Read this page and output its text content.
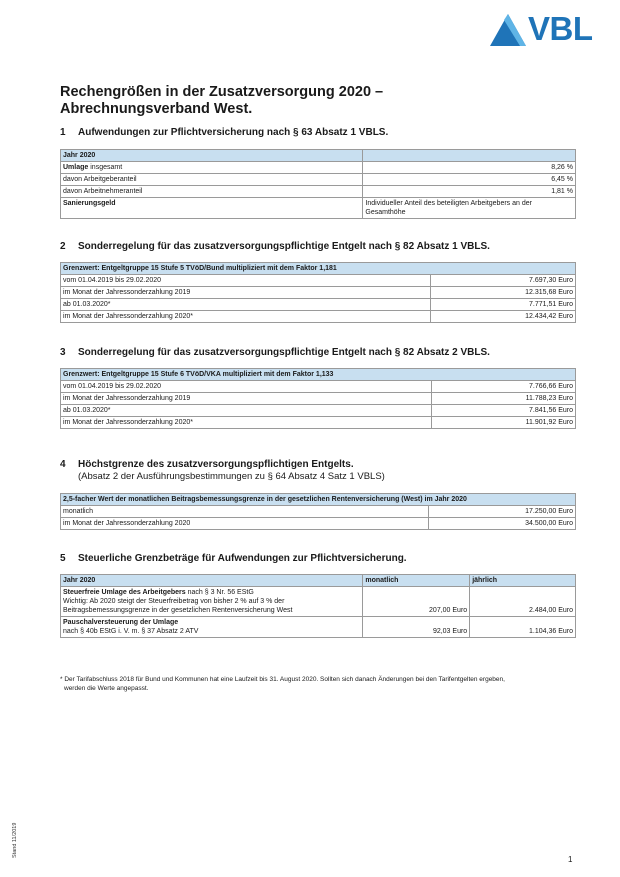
VBL
Rechengrößen in der Zusatzversorgung 2020 –
Abrechnungsverband West.
1 Aufwendungen zur Pflichtversicherung nach § 63 Absatz 1 VBLS.
Jahr 2020	
Umlage insgesamt	8,26 %
davon Arbeitgeberanteil	6,45 %
davon Arbeitnehmeranteil	1,81 %
Sanierungsgeld	Individueller Anteil des beteiligten Arbeitgebers an der Gesamthöhe
2 Sonderregelung für das zusatzversorgungspflichtige Entgelt nach § 82 Absatz 1 VBLS.
Grenzwert: Entgeltgruppe 15 Stufe 5 TVöD/Bund multipliziert mit dem Faktor 1,181	
vom 01.04.2019 bis 29.02.2020	7.697,30 Euro
im Monat der Jahressonderzahlung 2019	12.315,68 Euro
ab 01.03.2020*	7.771,51 Euro
im Monat der Jahressonderzahlung 2020*	12.434,42 Euro
3 Sonderregelung für das zusatzversorgungspflichtige Entgelt nach § 82 Absatz 2 VBLS.
Grenzwert: Entgeltgruppe 15 Stufe 6 TVöD/VKA multipliziert mit dem Faktor 1,133	
vom 01.04.2019 bis 29.02.2020	7.766,66 Euro
im Monat der Jahressonderzahlung 2019	11.788,23 Euro
ab 01.03.2020*	7.841,56 Euro
im Monat der Jahressonderzahlung 2020*	11.901,92 Euro
4 Höchstgrenze des zusatzversorgungspflichtigen Entgelts.
(Absatz 2 der Ausführungsbestimmungen zu § 64 Absatz 4 Satz 1 VBLS)
2,5-facher Wert der monatlichen Beitragsbemessungsgrenze in der gesetzlichen Rentenversicherung (West) im Jahr 2020	
monatlich	17.250,00 Euro
im Monat der Jahressonderzahlung 2020	34.500,00 Euro
5 Steuerliche Grenzbeträge für Aufwendungen zur Pflichtversicherung.
Jahr 2020	monatlich	jährlich
Steuerfreie Umlage des Arbeitgebers nach § 3 Nr. 56 EStG
Wichtig: Ab 2020 steigt der Steuerfreibetrag von bisher 2 % auf 3 % der
Beitragsbemessungsgrenze in der gesetzlichen Rentenversicherung West	207,00 Euro	2.484,00 Euro
Pauschalversteuerung der Umlage
nach § 40b EStG i. V. m. § 37 Absatz 2 ATV	92,03 Euro	1.104,36 Euro
* Der Tarifabschluss 2018 für Bund und Kommunen hat eine Laufzeit bis 31. August 2020. Sollten sich danach Änderungen bei den Tarifentgelten ergeben,
werden die Werte angepasst.
Stand 11/2019
1
